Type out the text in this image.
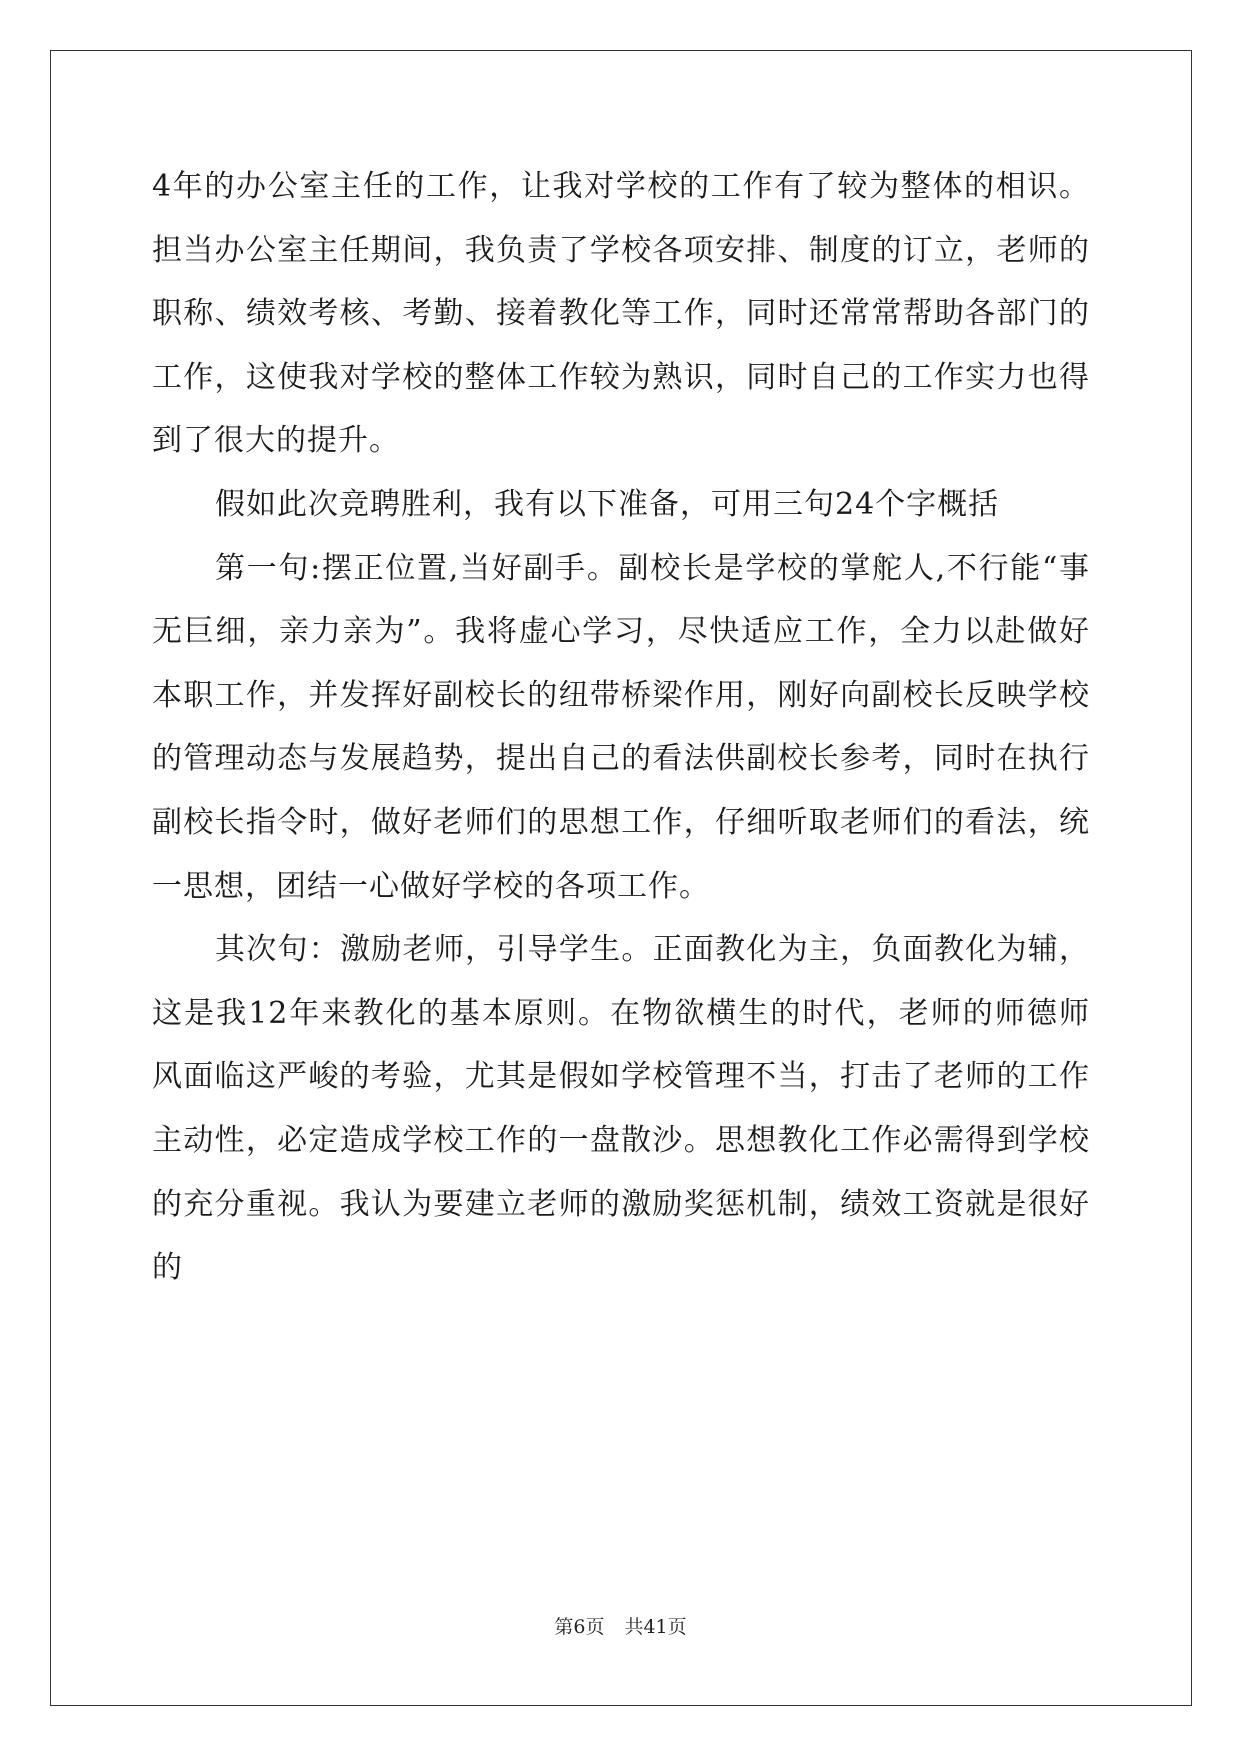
4年的办公室主任的工作，让我对学校的工作有了较为整体的相识。担当办公室主任期间，我负责了学校各项安排、制度的订立，老师的职称、绩效考核、考勤、接着教化等工作，同时还常常帮助各部门的工作，这使我对学校的整体工作较为熟识，同时自己的工作实力也得到了很大的提升。

假如此次竞聘胜利，我有以下准备，可用三句24个字概括

第一句:摆正位置,当好副手。副校长是学校的掌舵人,不行能“事无巨细，亲力亲为”。我将虚心学习，尽快适应工作，全力以赴做好本职工作，并发挥好副校长的纽带桥梁作用，刚好向副校长反映学校的管理动态与发展趋势，提出自己的看法供副校长参考，同时在执行副校长指令时，做好老师们的思想工作，仔细听取老师们的看法，统一思想，团结一心做好学校的各项工作。

其次句：激励老师，引导学生。正面教化为主，负面教化为辅，这是我12年来教化的基本原则。在物欲横生的时代，老师的师德师风面临这严峻的考验，尤其是假如学校管理不当，打击了老师的工作主动性，必定造成学校工作的一盘散沙。思想教化工作必需得到学校的充分重视。我认为要建立老师的激励奖惩机制，绩效工资就是很好的

第6页 共41页
